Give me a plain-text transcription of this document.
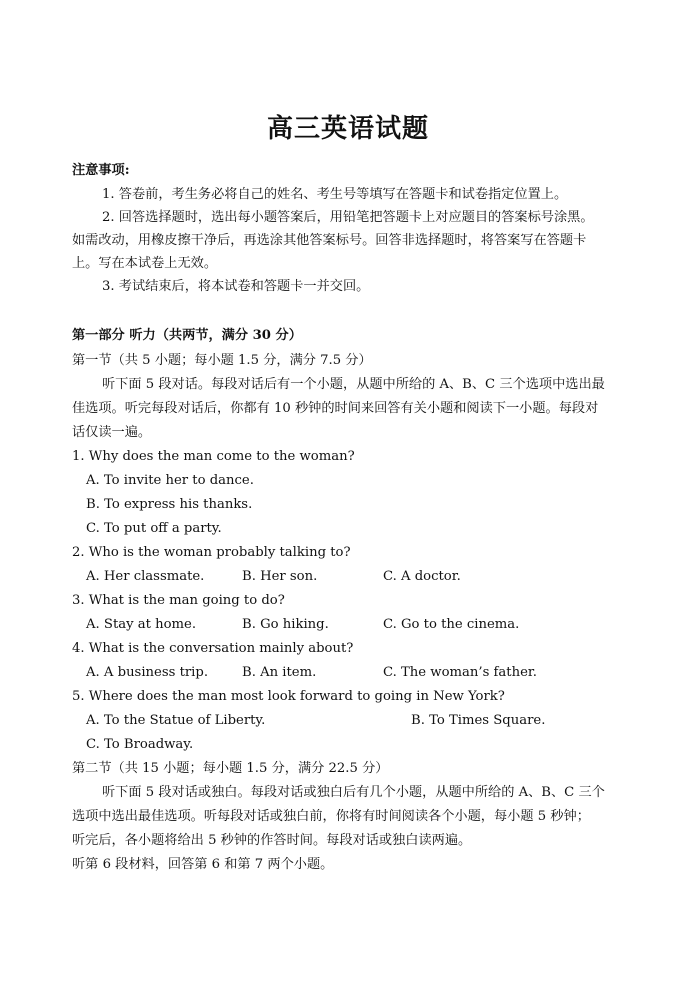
高三英语试题
注意事项:
1. 答卷前，考生务必将自己的姓名、考生号等填写在答题卡和试卷指定位置上。
2. 回答选择题时，选出每小题答案后，用铅笔把答题卡上对应题目的答案标号涂黑。
如需改动，用橡皮擦干净后，再选涂其他答案标号。回答非选择题时，将答案写在答题卡
上。写在本试卷上无效。
3. 考试结束后，将本试卷和答题卡一并交回。
第一部分 听力（共两节，满分 30 分）
第一节（共 5 小题；每小题 1.5 分，满分 7.5 分）
听下面 5 段对话。每段对话后有一个小题，从题中所给的 A、B、C 三个选项中选出最
佳选项。听完每段对话后，你都有 10 秒钟的时间来回答有关小题和阅读下一小题。每段对
话仅读一遍。
1. Why does the man come to the woman?
A. To invite her to dance.
B. To express his thanks.
C. To put off a party.
2. Who is the woman probably talking to?
A. Her classmate.	B. Her son.	C. A doctor.
3. What is the man going to do?
A. Stay at home.	B. Go hiking.	C. Go to the cinema.
4. What is the conversation mainly about?
A. A business trip.	B. An item.	C. The woman’s father.
5. Where does the man most look forward to going in New York?
A. To the Statue of Liberty.	B. To Times Square.
C. To Broadway.
第二节（共 15 小题；每小题 1.5 分，满分 22.5 分）
听下面 5 段对话或独白。每段对话或独白后有几个小题，从题中所给的 A、B、C 三个
选项中选出最佳选项。听每段对话或独白前，你将有时间阅读各个小题，每小题 5 秒钟；
听完后，各小题将给出 5 秒钟的作答时间。每段对话或独白读两遍。
听第 6 段材料，回答第 6 和第 7 两个小题。
